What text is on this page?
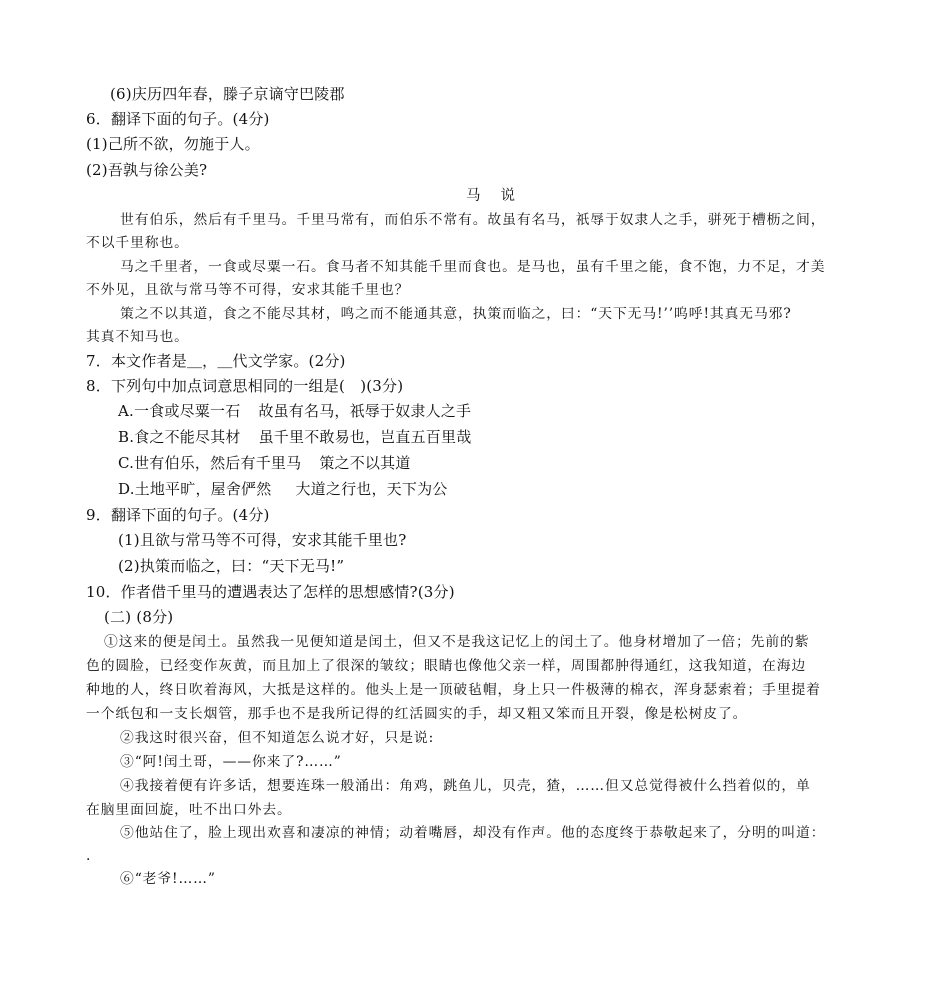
(6)庆历四年春，滕子京谪守巴陵郡
6．翻译下面的句子。(4分)
(1)己所不欲，勿施于人。
(2)吾孰与徐公美?
马说
世有伯乐，然后有千里马。千里马常有，而伯乐不常有。故虽有名马，祇辱于奴隶人之手，骈死于槽枥之间，
不以千里称也。
马之千里者，一食或尽粟一石。食马者不知其能千里而食也。是马也，虽有千里之能，食不饱，力不足，才美
不外见，且欲与常马等不可得，安求其能千里也？
策之不以其道，食之不能尽其材，鸣之而不能通其意，执策而临之，曰：“天下无马!’’呜呼!其真无马邪?
其真不知马也。
7．本文作者是＿，＿代文学家。(2分)
8．下列句中加点词意思相同的一组是(　)(3分)
A.一食或尽粟一石 故虽有名马，祇辱于奴隶人之手
B.食之不能尽其材 虽千里不敢易也，岂直五百里哉
C.世有伯乐，然后有千里马 策之不以其道
D.土地平旷，屋舍俨然 大道之行也，天下为公
9．翻译下面的句子。(4分)
(1)且欲与常马等不可得，安求其能千里也?
(2)执策而临之，曰：“天下无马!”
10．作者借千里马的遭遇表达了怎样的思想感情?(3分)
(二) (8分)
①这来的便是闰土。虽然我一见便知道是闰土，但又不是我这记忆上的闰土了。他身材增加了一倍；先前的紫
色的圆脸，已经变作灰黄，而且加上了很深的皱纹；眼睛也像他父亲一样，周围都肿得通红，这我知道，在海边
种地的人，终日吹着海风，大抵是这样的。他头上是一顶破毡帽，身上只一件极薄的棉衣，浑身瑟索着；手里提着
一个纸包和一支长烟管，那手也不是我所记得的红活圆实的手，却又粗又笨而且开裂，像是松树皮了。
②我这时很兴奋，但不知道怎么说才好，只是说:
③“阿!闰土哥，——你来了?……”
④我接着便有许多话，想要连珠一般涌出：角鸡，跳鱼儿，贝壳，猹，……但又总觉得被什么挡着似的，单
在脑里面回旋，吐不出口外去。
⑤他站住了，脸上现出欢喜和凄凉的神情；动着嘴唇，却没有作声。他的态度终于恭敬起来了，分明的叫道：
.
⑥“老爷!……”
